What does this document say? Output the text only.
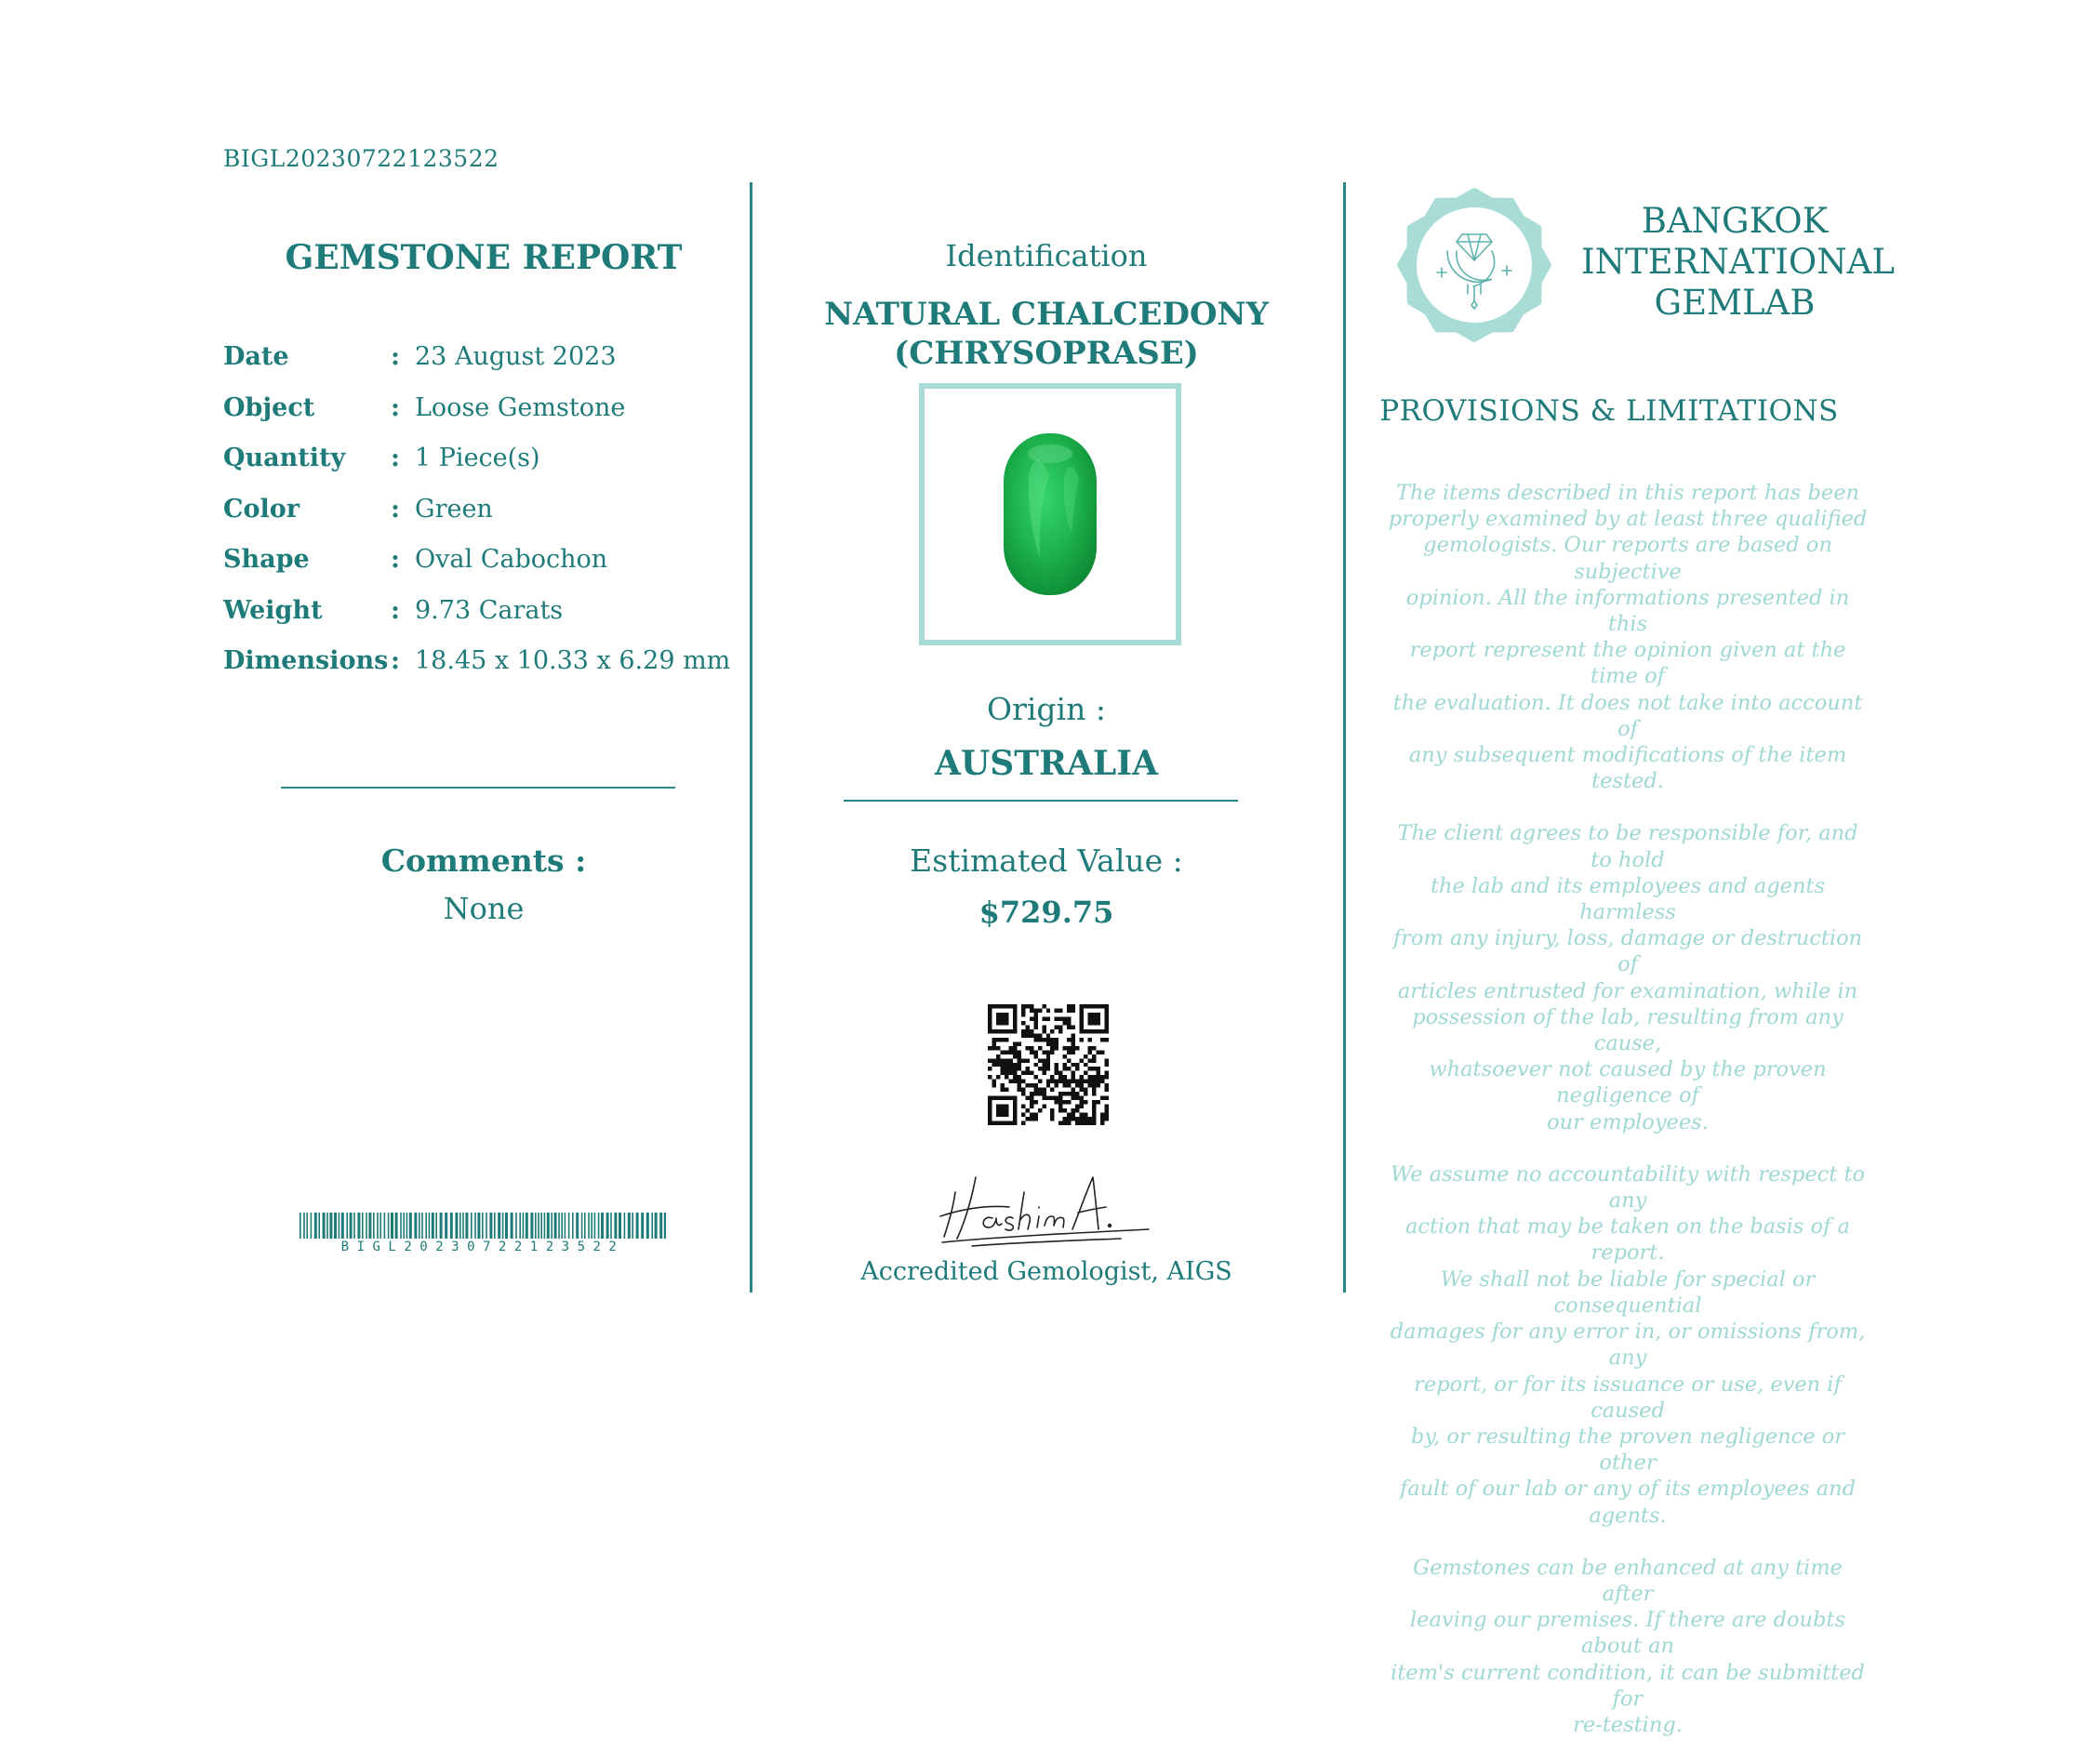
BIGL20230722123522
GEMSTONE REPORT
Date	: 23 August 2023
Object	: Loose Gemstone
Quantity : 1 Piece(s)
Color	: Green
Shape	: Oval Cabochon
Weight	: 9.73 Carats
Dimensions : 18.45 x 10.33 x 6.29 mm
Comments :
None
BIGL20230722123522
Identification
NATURAL CHALCEDONY
(CHRYSOPRASE)
Origin :
AUSTRALIA
Estimated Value :
$729.75
Accredited Gemologist, AIGS
BANGKOK
INTERNATIONAL
GEMLAB
PROVISIONS & LIMITATIONS
The items described in this report has been
properly examined by at least three qualified
gemologists. Our reports are based on subjective
opinion. All the informations presented in this
report represent the opinion given at the time of
the evaluation. It does not take into account of
any subsequent modifications of the item tested.
The client agrees to be responsible for, and to hold
the lab and its employees and agents harmless
from any injury, loss, damage or destruction of
articles entrusted for examination, while in
possession of the lab, resulting from any cause,
whatsoever not caused by the proven negligence of
our employees.
We assume no accountability with respect to any
action that may be taken on the basis of a report.
We shall not be liable for special or consequential
damages for any error in, or omissions from, any
report, or for its issuance or use, even if caused
by, or resulting the proven negligence or other
fault of our lab or any of its employees and
agents.
Gemstones can be enhanced at any time after
leaving our premises. If there are doubts about an
item's current condition, it can be submitted for
re-testing.
